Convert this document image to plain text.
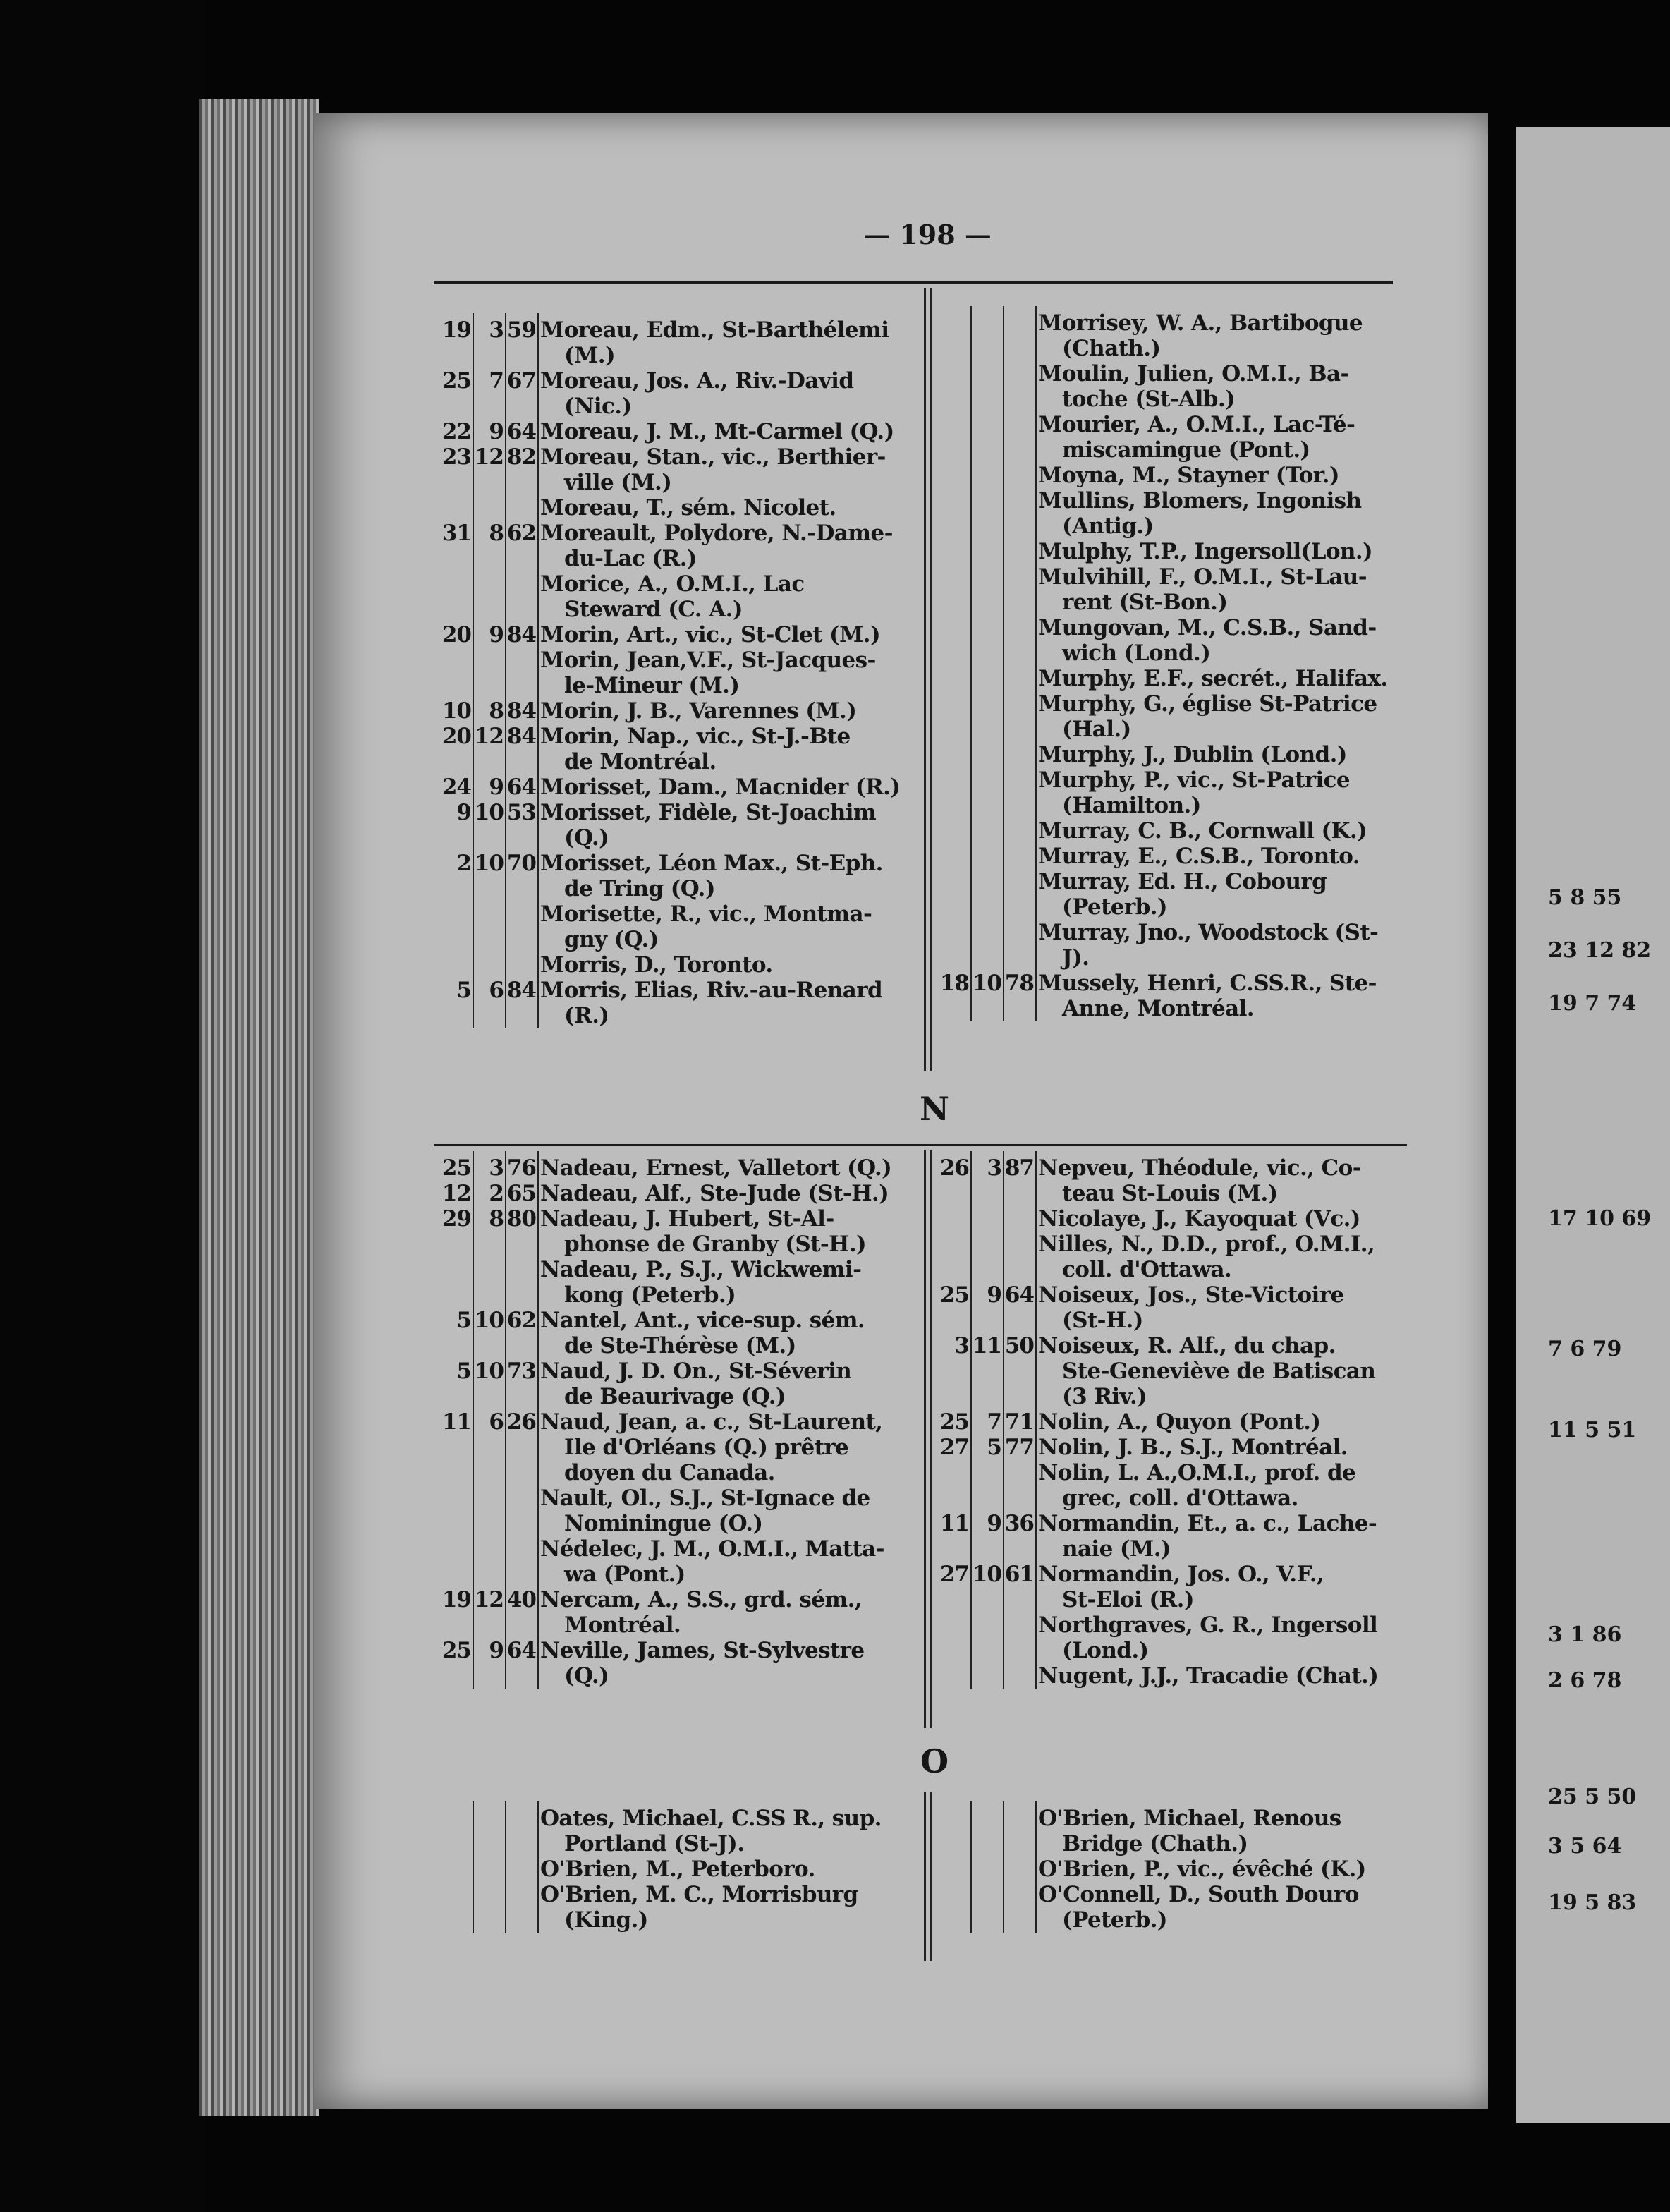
— 198 —
19 3 59 Moreau, Edm., St-Barthélemi
(M.)
25 7 67 Moreau, Jos. A., Riv.-David
(Nic.)
22 9 64 Moreau, J. M., Mt-Carmel (Q.)
23 12 82 Moreau, Stan., vic., Berthier-
ville (M.)
Moreau, T., sém. Nicolet.
31 8 62 Moreault, Polydore, N.-Dame-
du-Lac (R.)
Morice, A., O.M.I., Lac
Steward (C. A.)
20 9 84 Morin, Art., vic., St-Clet (M.)
Morin, Jean,V.F., St-Jacques-
le-Mineur (M.)
10 8 84 Morin, J. B., Varennes (M.)
20 12 84 Morin, Nap., vic., St-J.-Bte
de Montréal.
24 9 64 Morisset, Dam., Macnider (R.)
9 10 53 Morisset, Fidèle, St-Joachim
(Q.)
2 10 70 Morisset, Léon Max., St-Eph.
de Tring (Q.)
Morisette, R., vic., Montma-
gny (Q.)
Morris, D., Toronto.
5 6 84 Morris, Elias, Riv.-au-Renard
(R.)
Morrisey, W. A., Bartibogue
(Chath.)
Moulin, Julien, O.M.I., Ba-
toche (St-Alb.)
Mourier, A., O.M.I., Lac-Té-
miscamingue (Pont.)
Moyna, M., Stayner (Tor.)
Mullins, Blomers, Ingonish
(Antig.)
Mulphy, T.P., Ingersoll(Lon.)
Mulvihill, F., O.M.I., St-Lau-
rent (St-Bon.)
Mungovan, M., C.S.B., Sand-
wich (Lond.)
Murphy, E.F., secrét., Halifax.
Murphy, G., église St-Patrice
(Hal.)
Murphy, J., Dublin (Lond.)
Murphy, P., vic., St-Patrice
(Hamilton.)
Murray, C. B., Cornwall (K.)
Murray, E., C.S.B., Toronto.
Murray, Ed. H., Cobourg
(Peterb.)
Murray, Jno., Woodstock (St-
J).
18 10 78 Mussely, Henri, C.SS.R., Ste-
Anne, Montréal.
N
25 3 76 Nadeau, Ernest, Valletort (Q.)
12 2 65 Nadeau, Alf., Ste-Jude (St-H.)
29 8 80 Nadeau, J. Hubert, St-Al-
phonse de Granby (St-H.)
Nadeau, P., S.J., Wickwemi-
kong (Peterb.)
5 10 62 Nantel, Ant., vice-sup. sém.
de Ste-Thérèse (M.)
5 10 73 Naud, J. D. On., St-Séverin
de Beaurivage (Q.)
11 6 26 Naud, Jean, a. c., St-Laurent,
Ile d'Orléans (Q.) prêtre
doyen du Canada.
Nault, Ol., S.J., St-Ignace de
Nominingue (O.)
Nédelec, J. M., O.M.I., Matta-
wa (Pont.)
19 12 40 Nercam, A., S.S., grd. sém.,
Montréal.
25 9 64 Neville, James, St-Sylvestre
(Q.)
26 3 87 Nepveu, Théodule, vic., Co-
teau St-Louis (M.)
Nicolaye, J., Kayoquat (Vc.)
Nilles, N., D.D., prof., O.M.I.,
coll. d'Ottawa.
25 9 64 Noiseux, Jos., Ste-Victoire
(St-H.)
3 11 50 Noiseux, R. Alf., du chap.
Ste-Geneviève de Batiscan
(3 Riv.)
25 7 71 Nolin, A., Quyon (Pont.)
27 5 77 Nolin, J. B., S.J., Montréal.
Nolin, L. A.,O.M.I., prof. de
grec, coll. d'Ottawa.
11 9 36 Normandin, Et., a. c., Lache-
naie (M.)
27 10 61 Normandin, Jos. O., V.F.,
St-Eloi (R.)
Northgraves, G. R., Ingersoll
(Lond.)
Nugent, J.J., Tracadie (Chat.)
O
Oates, Michael, C.SS R., sup.
Portland (St-J).
O'Brien, M., Peterboro.
O'Brien, M. C., Morrisburg
(King.)
O'Brien, Michael, Renous
Bridge (Chath.)
O'Brien, P., vic., évêché (K.)
O'Connell, D., South Douro
(Peterb.)
5 8 55
23 12 82
19 7 74
17 10 69
7 6 79
11 5 51
3 1 86
2 6 78
25 5 50
3 5 64
19 5 83
